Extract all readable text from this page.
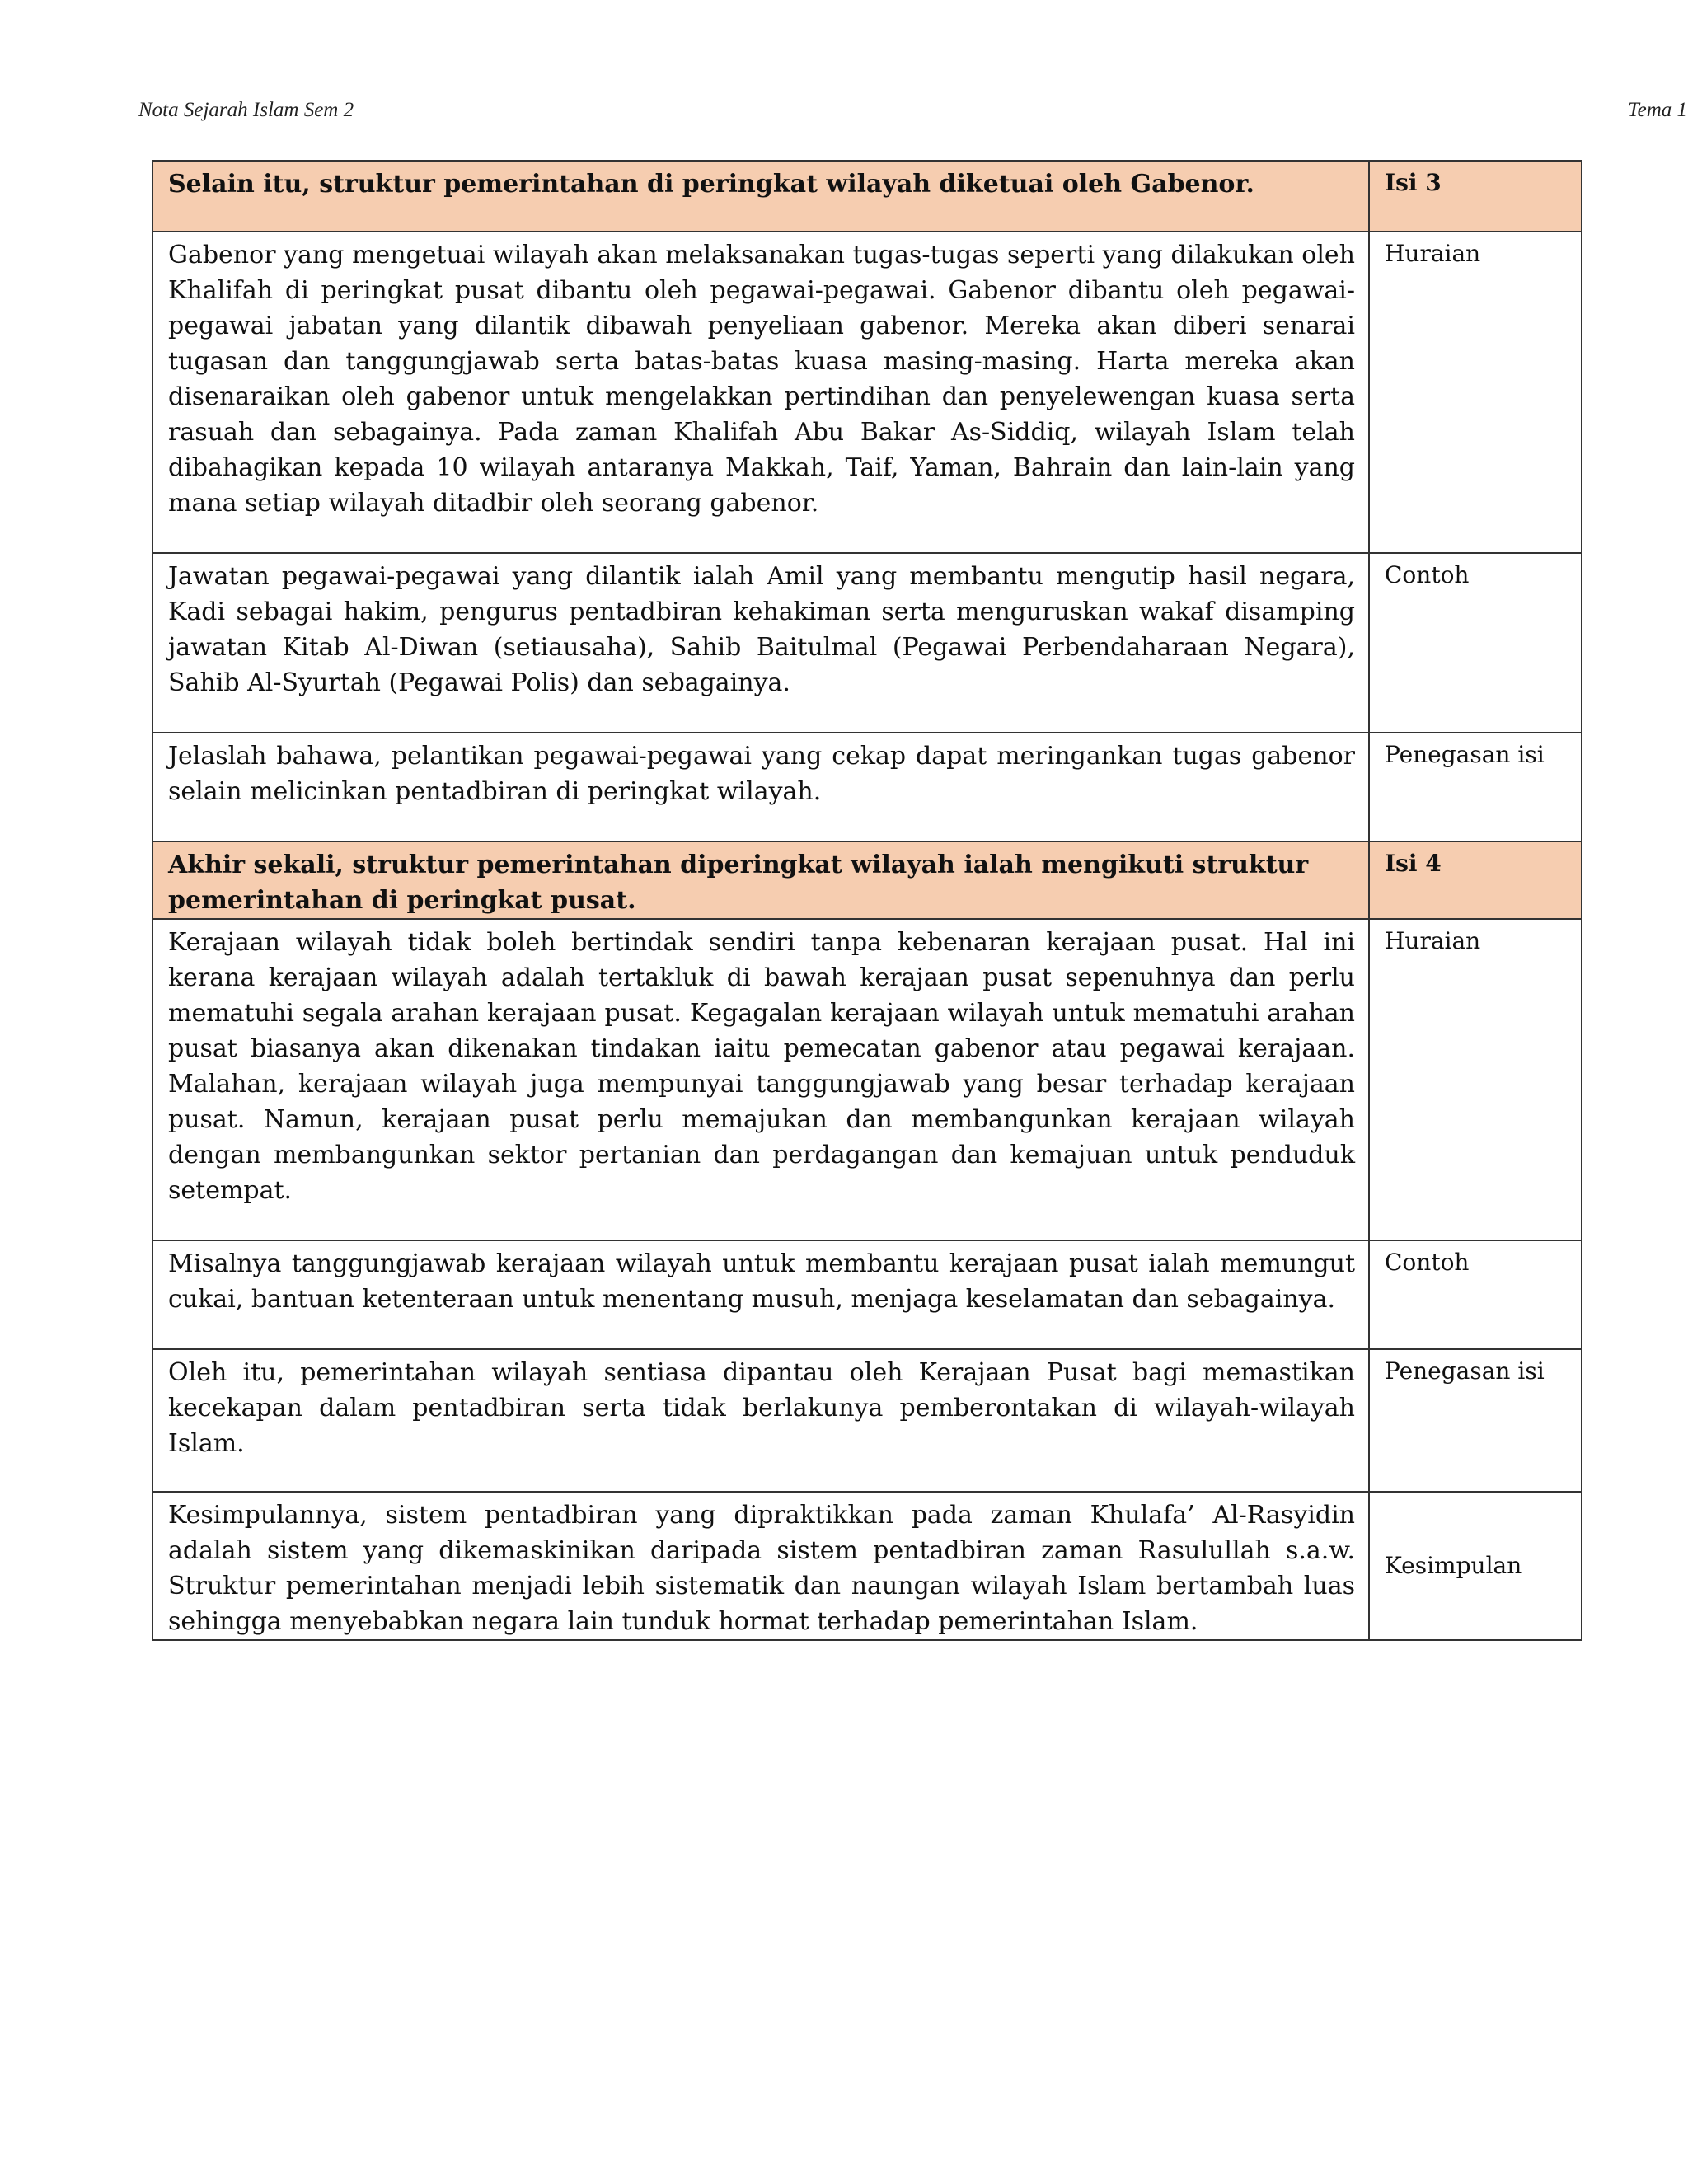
Nota Sejarah Islam Sem 2	Tema 1
Selain itu, struktur pemerintahan di peringkat wilayah diketuai oleh Gabenor.	Isi 3
Gabenor yang mengetuai wilayah akan melaksanakan tugas-tugas seperti yang dilakukan oleh Khalifah di peringkat pusat dibantu oleh pegawai-pegawai. Gabenor dibantu oleh pegawai-pegawai jabatan yang dilantik dibawah penyeliaan gabenor. Mereka akan diberi senarai tugasan dan tanggungjawab serta batas-batas kuasa masing-masing. Harta mereka akan disenaraikan oleh gabenor untuk mengelakkan pertindihan dan penyelewengan kuasa serta rasuah dan sebagainya. Pada zaman Khalifah Abu Bakar As-Siddiq, wilayah Islam telah dibahagikan kepada 10 wilayah antaranya Makkah, Taif, Yaman, Bahrain dan lain-lain yang mana setiap wilayah ditadbir oleh seorang gabenor.	Huraian
Jawatan pegawai-pegawai yang dilantik ialah Amil yang membantu mengutip hasil negara, Kadi sebagai hakim, pengurus pentadbiran kehakiman serta menguruskan wakaf disamping jawatan Kitab Al-Diwan (setiausaha), Sahib Baitulmal (Pegawai Perbendaharaan Negara), Sahib Al-Syurtah (Pegawai Polis) dan sebagainya.	Contoh
Jelaslah bahawa, pelantikan pegawai-pegawai yang cekap dapat meringankan tugas gabenor selain melicinkan pentadbiran di peringkat wilayah.	Penegasan isi
Akhir sekali, struktur pemerintahan diperingkat wilayah ialah mengikuti struktur pemerintahan di peringkat pusat.	Isi 4
Kerajaan wilayah tidak boleh bertindak sendiri tanpa kebenaran kerajaan pusat. Hal ini kerana kerajaan wilayah adalah tertakluk di bawah kerajaan pusat sepenuhnya dan perlu mematuhi segala arahan kerajaan pusat. Kegagalan kerajaan wilayah untuk mematuhi arahan pusat biasanya akan dikenakan tindakan iaitu pemecatan gabenor atau pegawai kerajaan. Malahan, kerajaan wilayah juga mempunyai tanggungjawab yang besar terhadap kerajaan pusat. Namun, kerajaan pusat perlu memajukan dan membangunkan kerajaan wilayah dengan membangunkan sektor pertanian dan perdagangan dan kemajuan untuk penduduk setempat.	Huraian
Misalnya tanggungjawab kerajaan wilayah untuk membantu kerajaan pusat ialah memungut cukai, bantuan ketenteraan untuk menentang musuh, menjaga keselamatan dan sebagainya.	Contoh
Oleh itu, pemerintahan wilayah sentiasa dipantau oleh Kerajaan Pusat bagi memastikan kecekapan dalam pentadbiran serta tidak berlakunya pemberontakan di wilayah-wilayah Islam.	Penegasan isi
Kesimpulannya, sistem pentadbiran yang dipraktikkan pada zaman Khulafa’ Al-Rasyidin adalah sistem yang dikemaskinikan daripada sistem pentadbiran zaman Rasulullah s.a.w. Struktur pemerintahan menjadi lebih sistematik dan naungan wilayah Islam bertambah luas sehingga menyebabkan negara lain tunduk hormat terhadap pemerintahan Islam.	Kesimpulan
